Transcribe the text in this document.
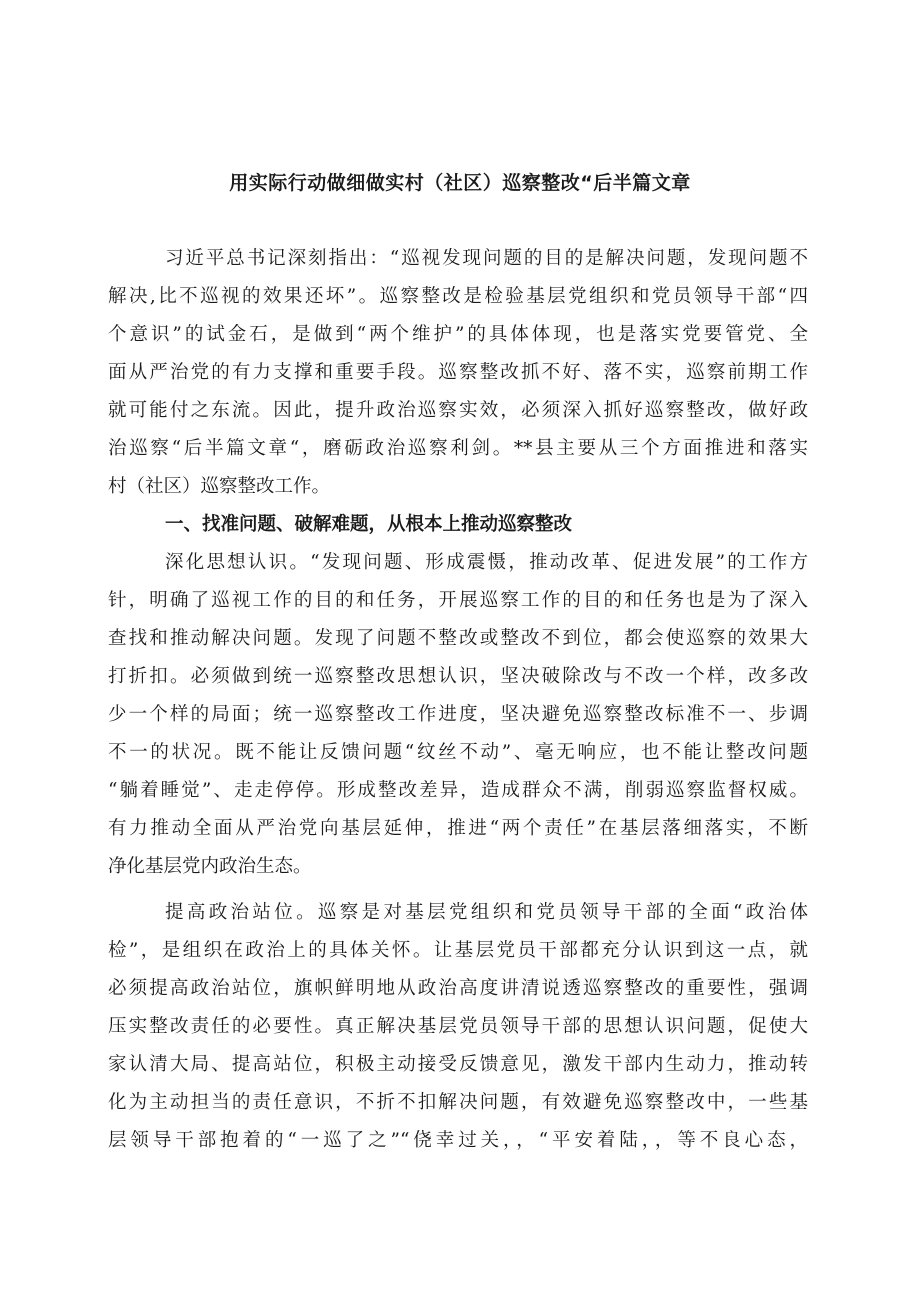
用实际行动做细做实村（社区）巡察整改“后半篇文章
习近平总书记深刻指出：“巡视发现问题的目的是解决问题，发现问题不
解决,比不巡视的效果还坏”。巡察整改是检验基层党组织和党员领导干部“四
个意识”的试金石，是做到“两个维护”的具体体现，也是落实党要管党、全
面从严治党的有力支撑和重要手段。巡察整改抓不好、落不实，巡察前期工作
就可能付之东流。因此，提升政治巡察实效，必须深入抓好巡察整改，做好政
治巡察“后半篇文章“，磨砺政治巡察利剑。**县主要从三个方面推进和落实
村（社区）巡察整改工作。
一、找准问题、破解难题，从根本上推动巡察整改
深化思想认识。“发现问题、形成震慑，推动改革、促进发展”的工作方
针，明确了巡视工作的目的和任务，开展巡察工作的目的和任务也是为了深入
查找和推动解决问题。发现了问题不整改或整改不到位，都会使巡察的效果大
打折扣。必须做到统一巡察整改思想认识，坚决破除改与不改一个样，改多改
少一个样的局面；统一巡察整改工作进度，坚决避免巡察整改标准不一、步调
不一的状况。既不能让反馈问题“纹丝不动”、毫无响应，也不能让整改问题
“躺着睡觉”、走走停停。形成整改差异，造成群众不满，削弱巡察监督权威。
有力推动全面从严治党向基层延伸，推进“两个责任”在基层落细落实，不断
净化基层党内政治生态。
提高政治站位。巡察是对基层党组织和党员领导干部的全面“政治体
检”，是组织在政治上的具体关怀。让基层党员干部都充分认识到这一点，就
必须提高政治站位，旗帜鲜明地从政治高度讲清说透巡察整改的重要性，强调
压实整改责任的必要性。真正解决基层党员领导干部的思想认识问题，促使大
家认清大局、提高站位，积极主动接受反馈意见，激发干部内生动力，推动转
化为主动担当的责任意识，不折不扣解决问题，有效避免巡察整改中，一些基
层领导干部抱着的“一巡了之”“侥幸过关，，“平安着陆，，等不良心态，
